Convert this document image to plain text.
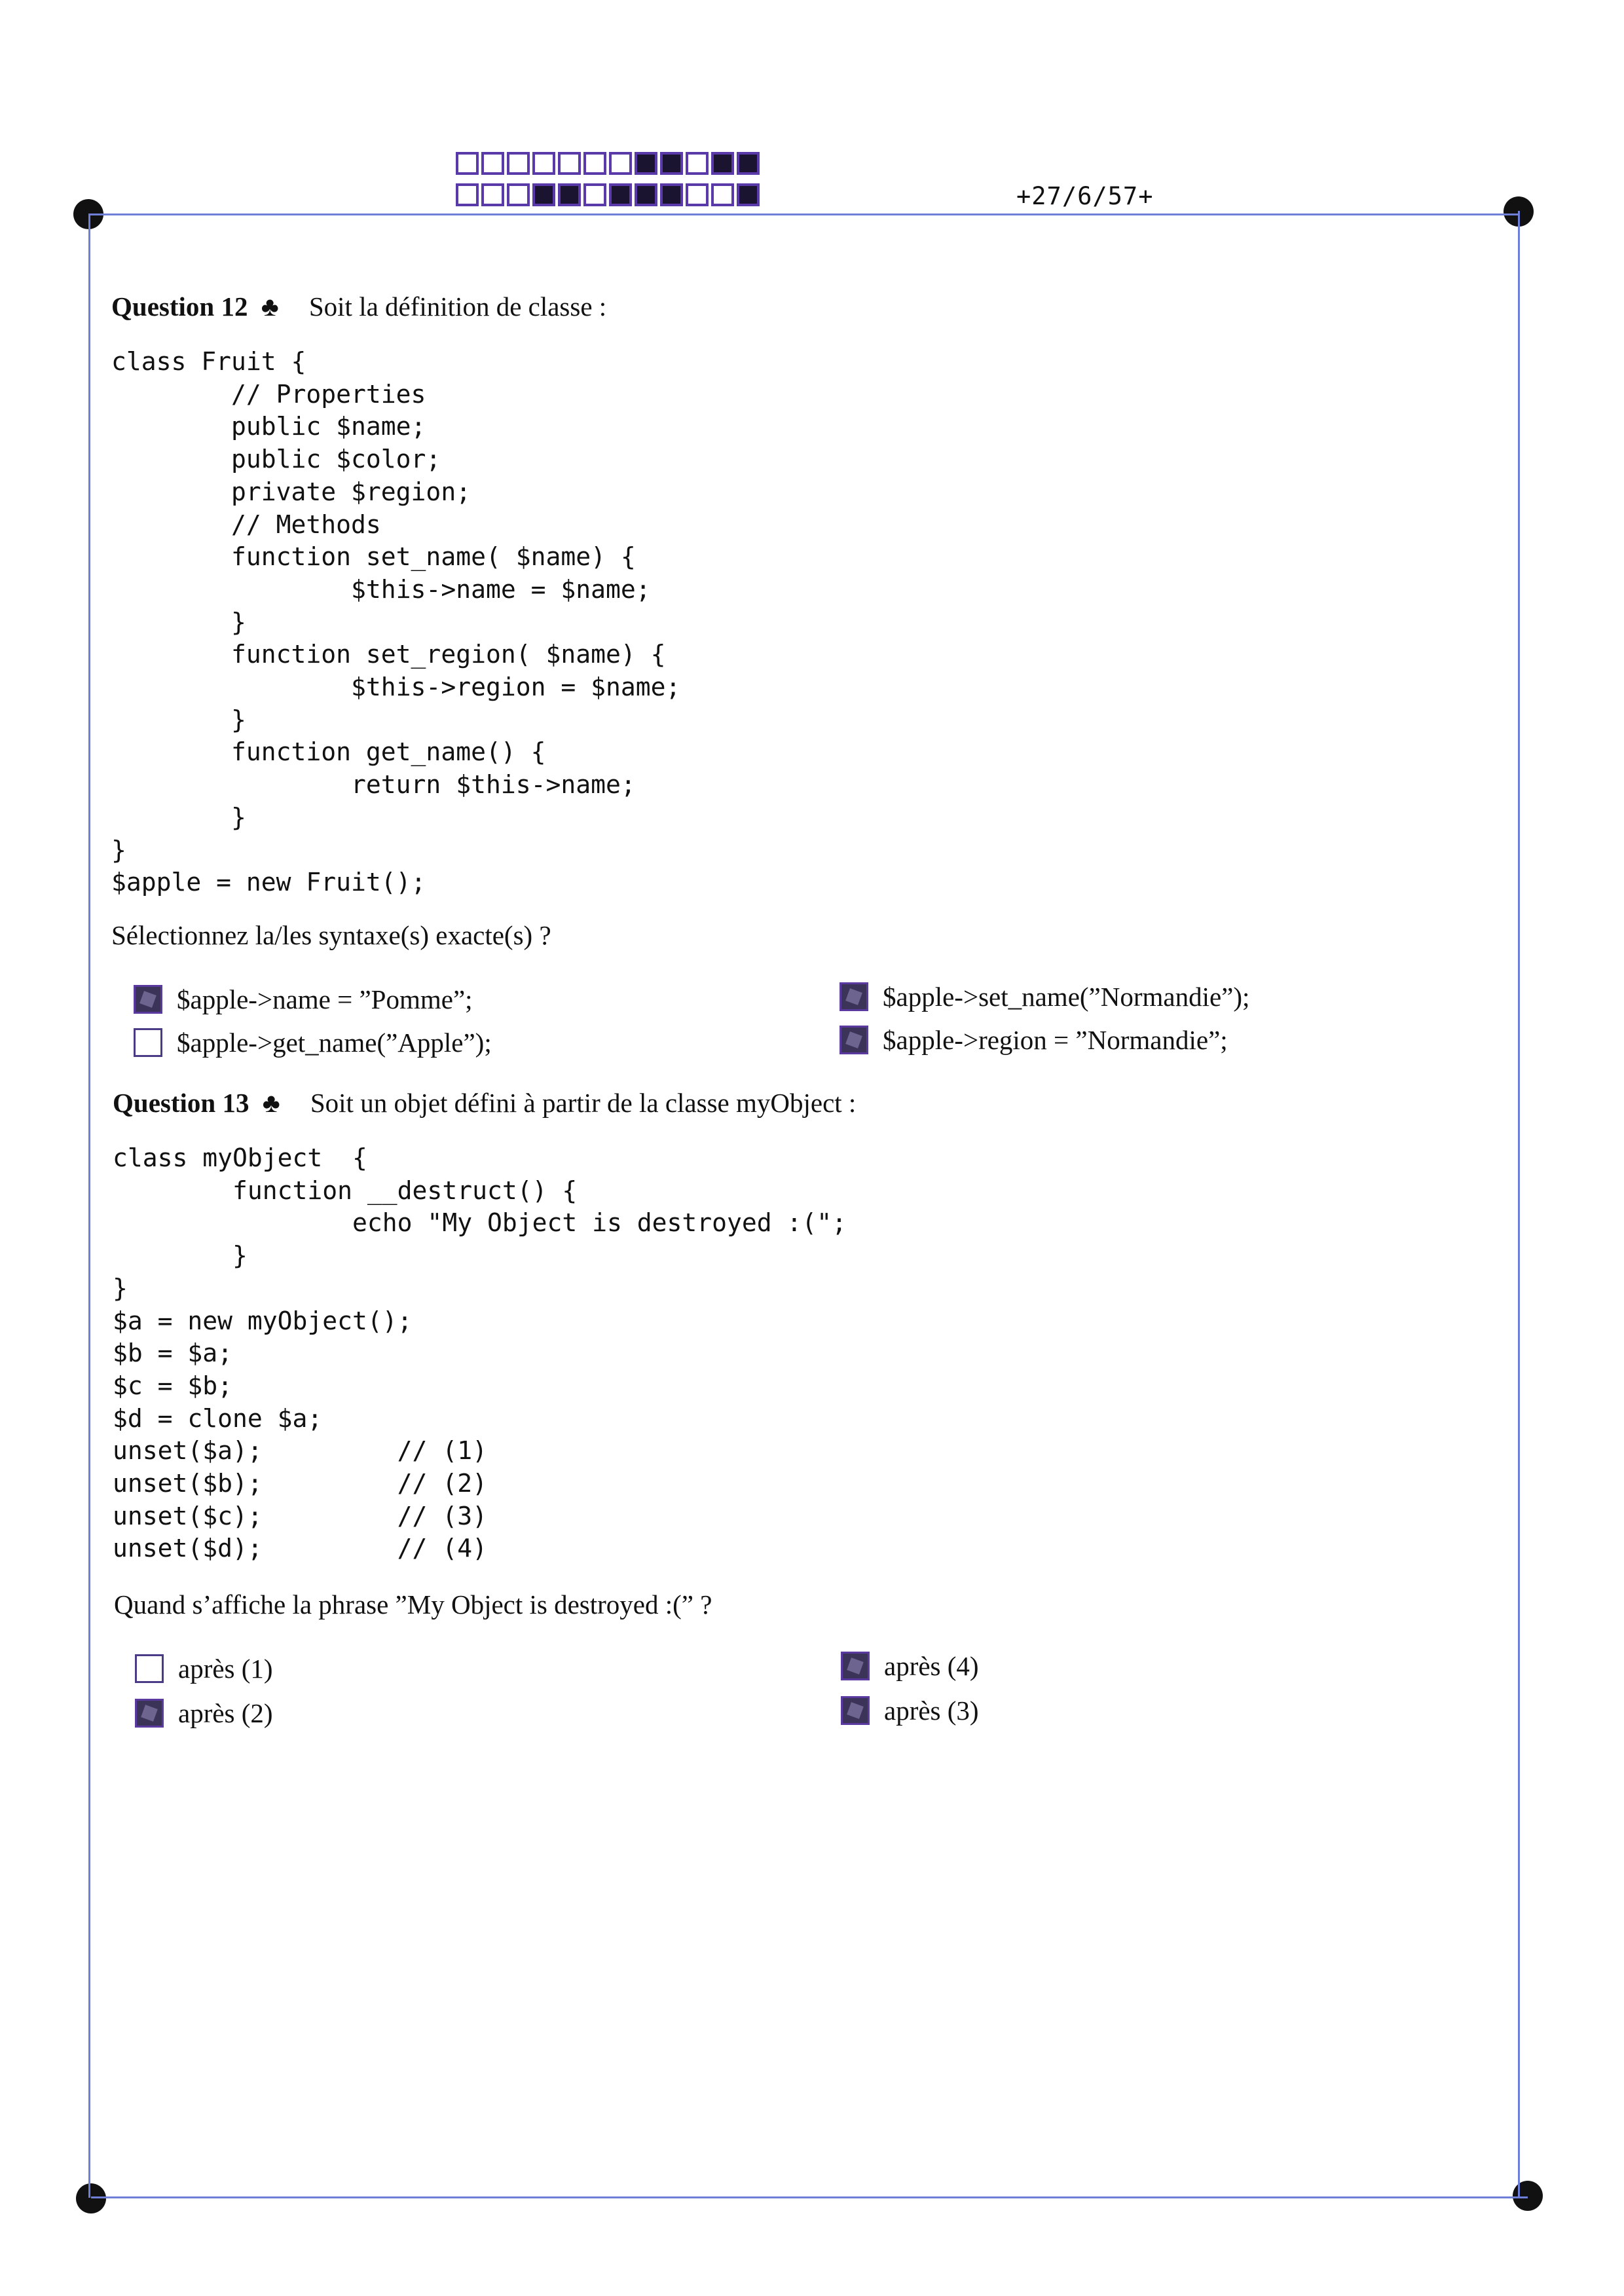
+27/6/57+
Question 12 ♣ Soit la définition de classe :
class Fruit {
// Properties
public $name;
public $color;
private $region;
// Methods
function set_name( $name) {
$this->name = $name;
}
function set_region( $name) {
$this->region = $name;
}
function get_name() {
return $this->name;
}
}
$apple = new Fruit();
Sélectionnez la/les syntaxe(s) exacte(s) ?
$apple->name = ”Pomme”;
$apple->get_name(”Apple”);
$apple->set_name(”Normandie”);
$apple->region = ”Normandie”;
Question 13 ♣ Soit un objet défini à partir de la classe myObject :
class myObject  {
function __destruct() {
echo "My Object is destroyed :(";
}
}
$a = new myObject();
$b = $a;
$c = $b;
$d = clone $a;
unset($a);         // (1)
unset($b);         // (2)
unset($c);         // (3)
unset($d);         // (4)
Quand s’affiche la phrase ”My Object is destroyed :(” ?
après (1)
après (2)
après (4)
après (3)
